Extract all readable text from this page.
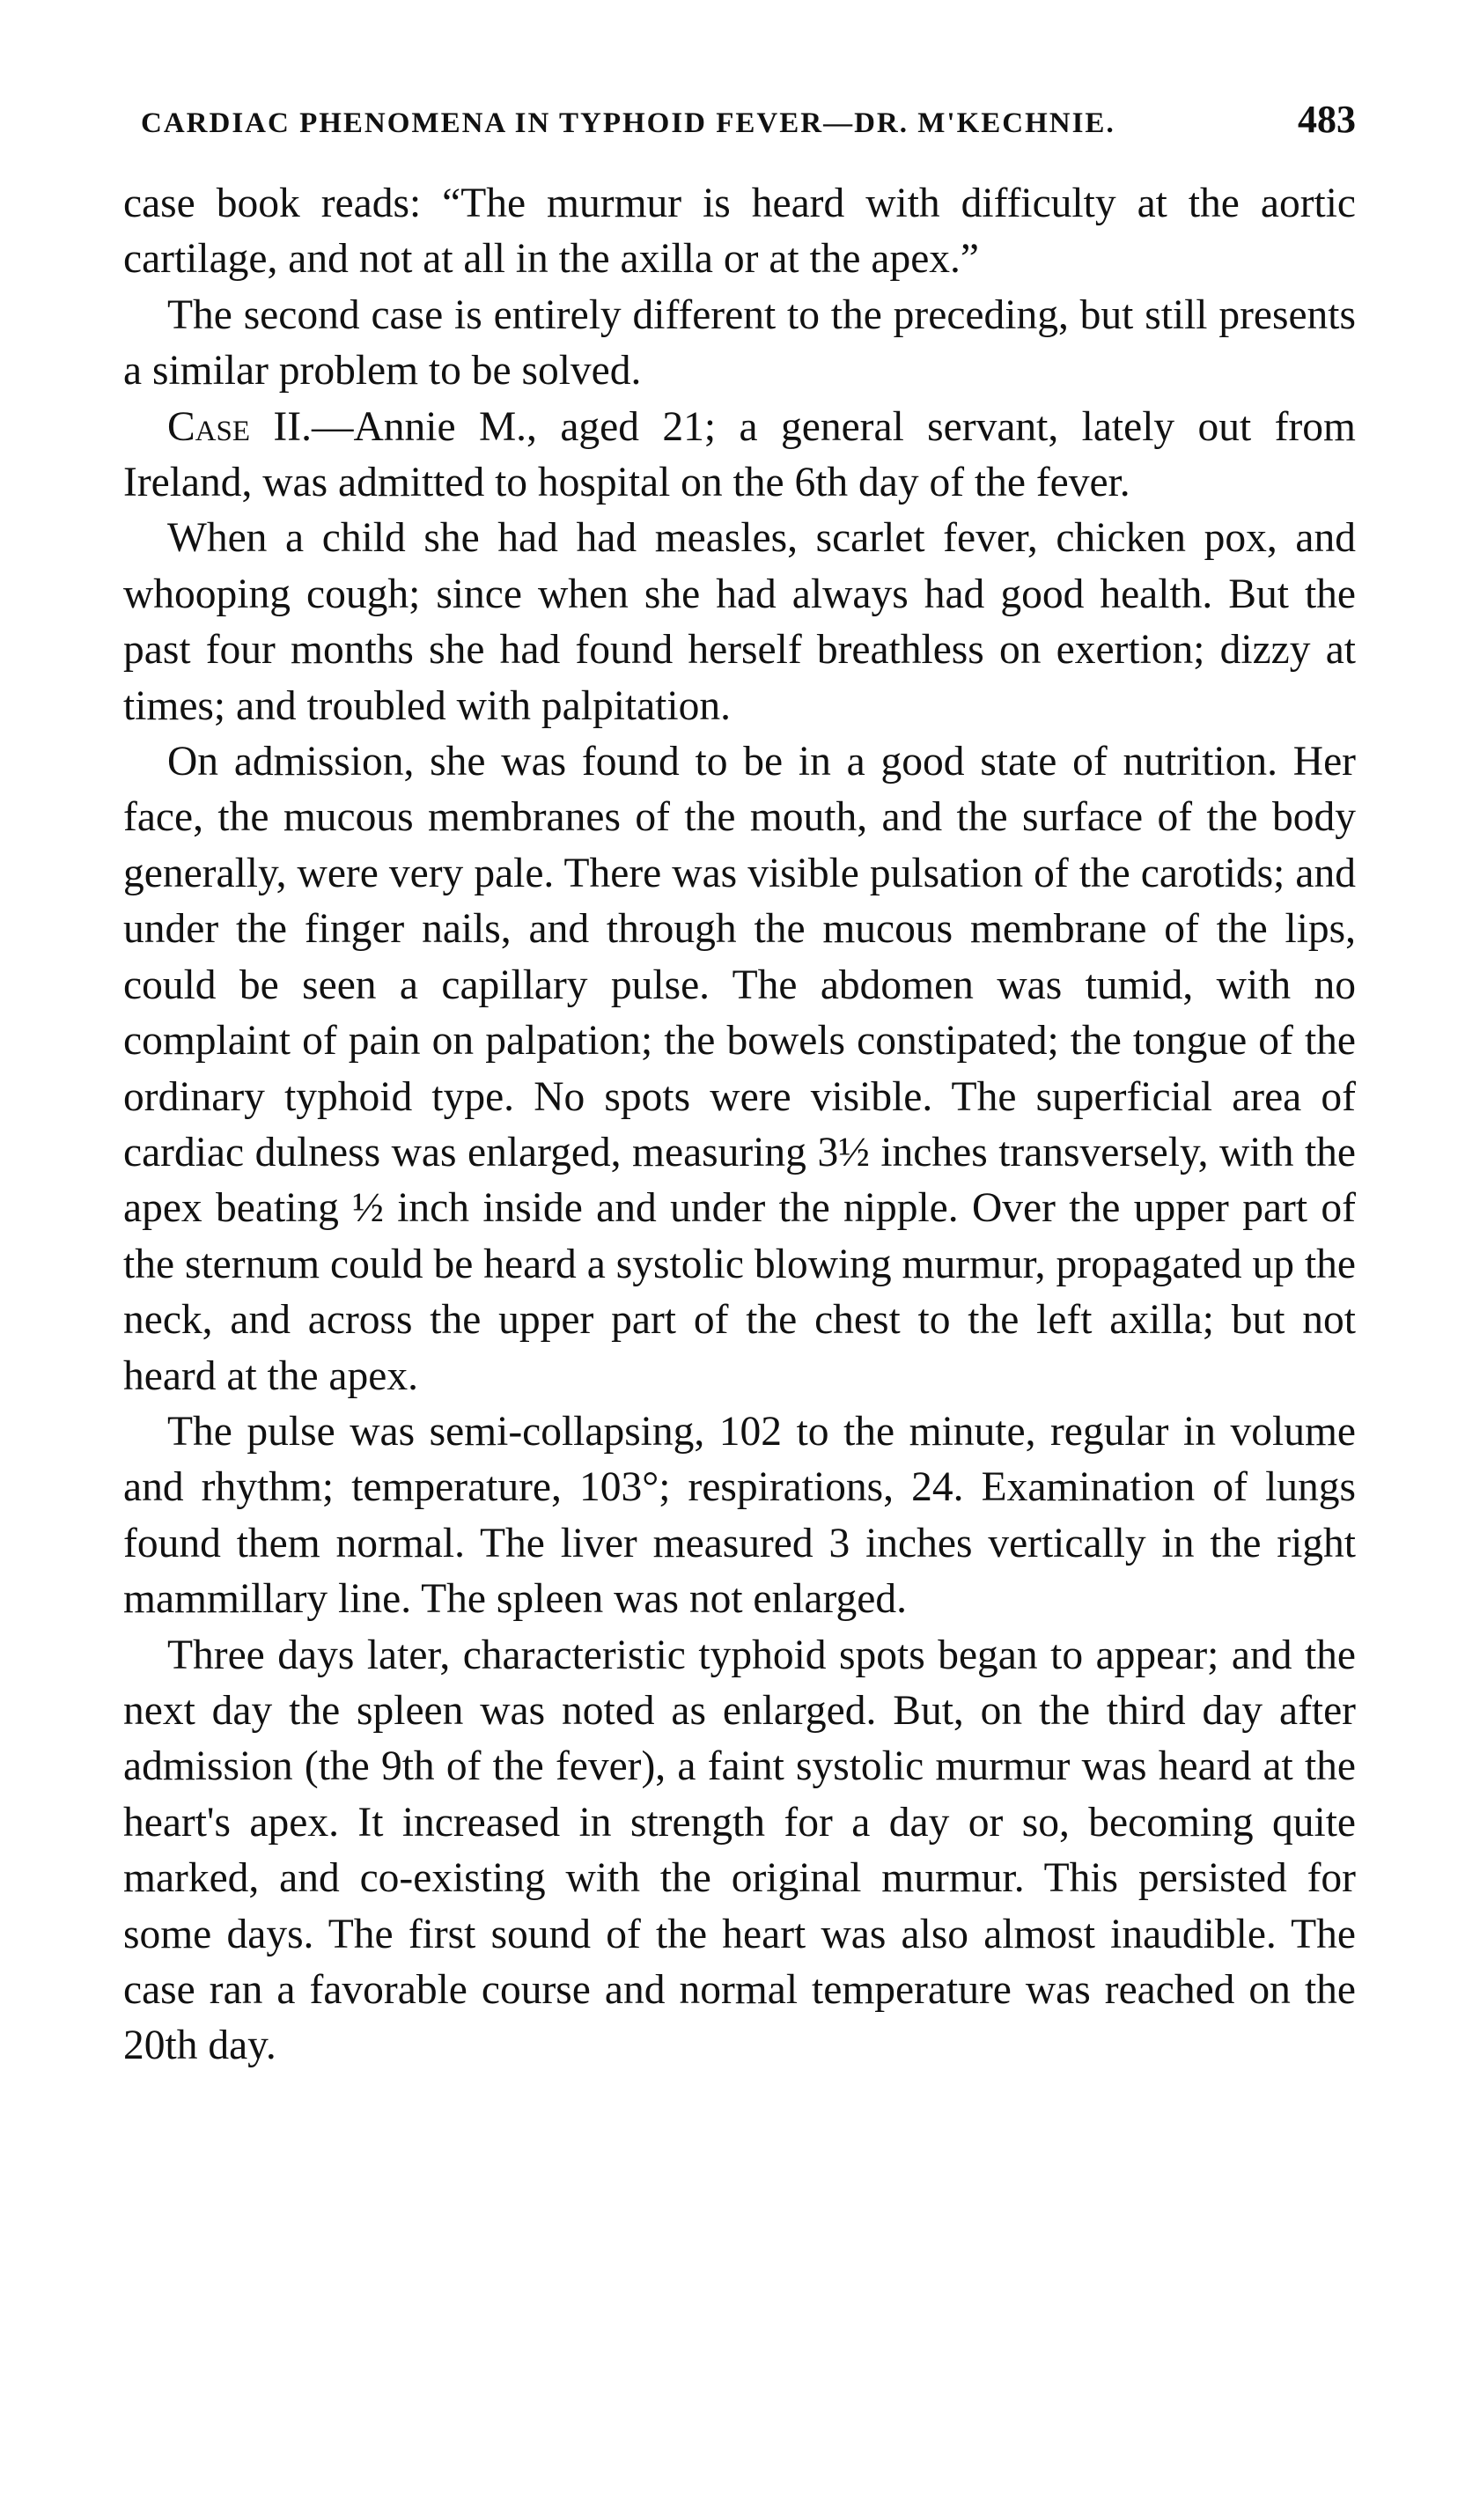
CARDIAC PHENOMENA IN TYPHOID FEVER—DR. M'KECHNIE.	483

case book reads: “The murmur is heard with difficulty at the aortic cartilage, and not at all in the axilla or at the apex.”

The second case is entirely different to the preceding, but still presents a similar problem to be solved.

Case II.—Annie M., aged 21; a general servant, lately out from Ireland, was admitted to hospital on the 6th day of the fever.

When a child she had had measles, scarlet fever, chicken pox, and whooping cough; since when she had always had good health. But the past four months she had found herself breathless on exertion; dizzy at times; and troubled with palpitation.

On admission, she was found to be in a good state of nutrition. Her face, the mucous membranes of the mouth, and the surface of the body generally, were very pale. There was visible pulsation of the carotids; and under the finger nails, and through the mucous membrane of the lips, could be seen a capillary pulse. The abdomen was tumid, with no complaint of pain on palpation; the bowels constipated; the tongue of the ordinary typhoid type. No spots were visible. The superficial area of cardiac dulness was enlarged, measuring 3½ inches transversely, with the apex beating ½ inch inside and under the nipple. Over the upper part of the sternum could be heard a systolic blowing murmur, propagated up the neck, and across the upper part of the chest to the left axilla; but not heard at the apex.

The pulse was semi-collapsing, 102 to the minute, regular in volume and rhythm; temperature, 103°; respirations, 24. Examination of lungs found them normal. The liver measured 3 inches vertically in the right mammillary line. The spleen was not enlarged.

Three days later, characteristic typhoid spots began to appear; and the next day the spleen was noted as enlarged. But, on the third day after admission (the 9th of the fever), a faint systolic murmur was heard at the heart's apex. It increased in strength for a day or so, becoming quite marked, and co-existing with the original murmur. This persisted for some days. The first sound of the heart was also almost inaudible. The case ran a favorable course and normal temperature was reached on the 20th day.
